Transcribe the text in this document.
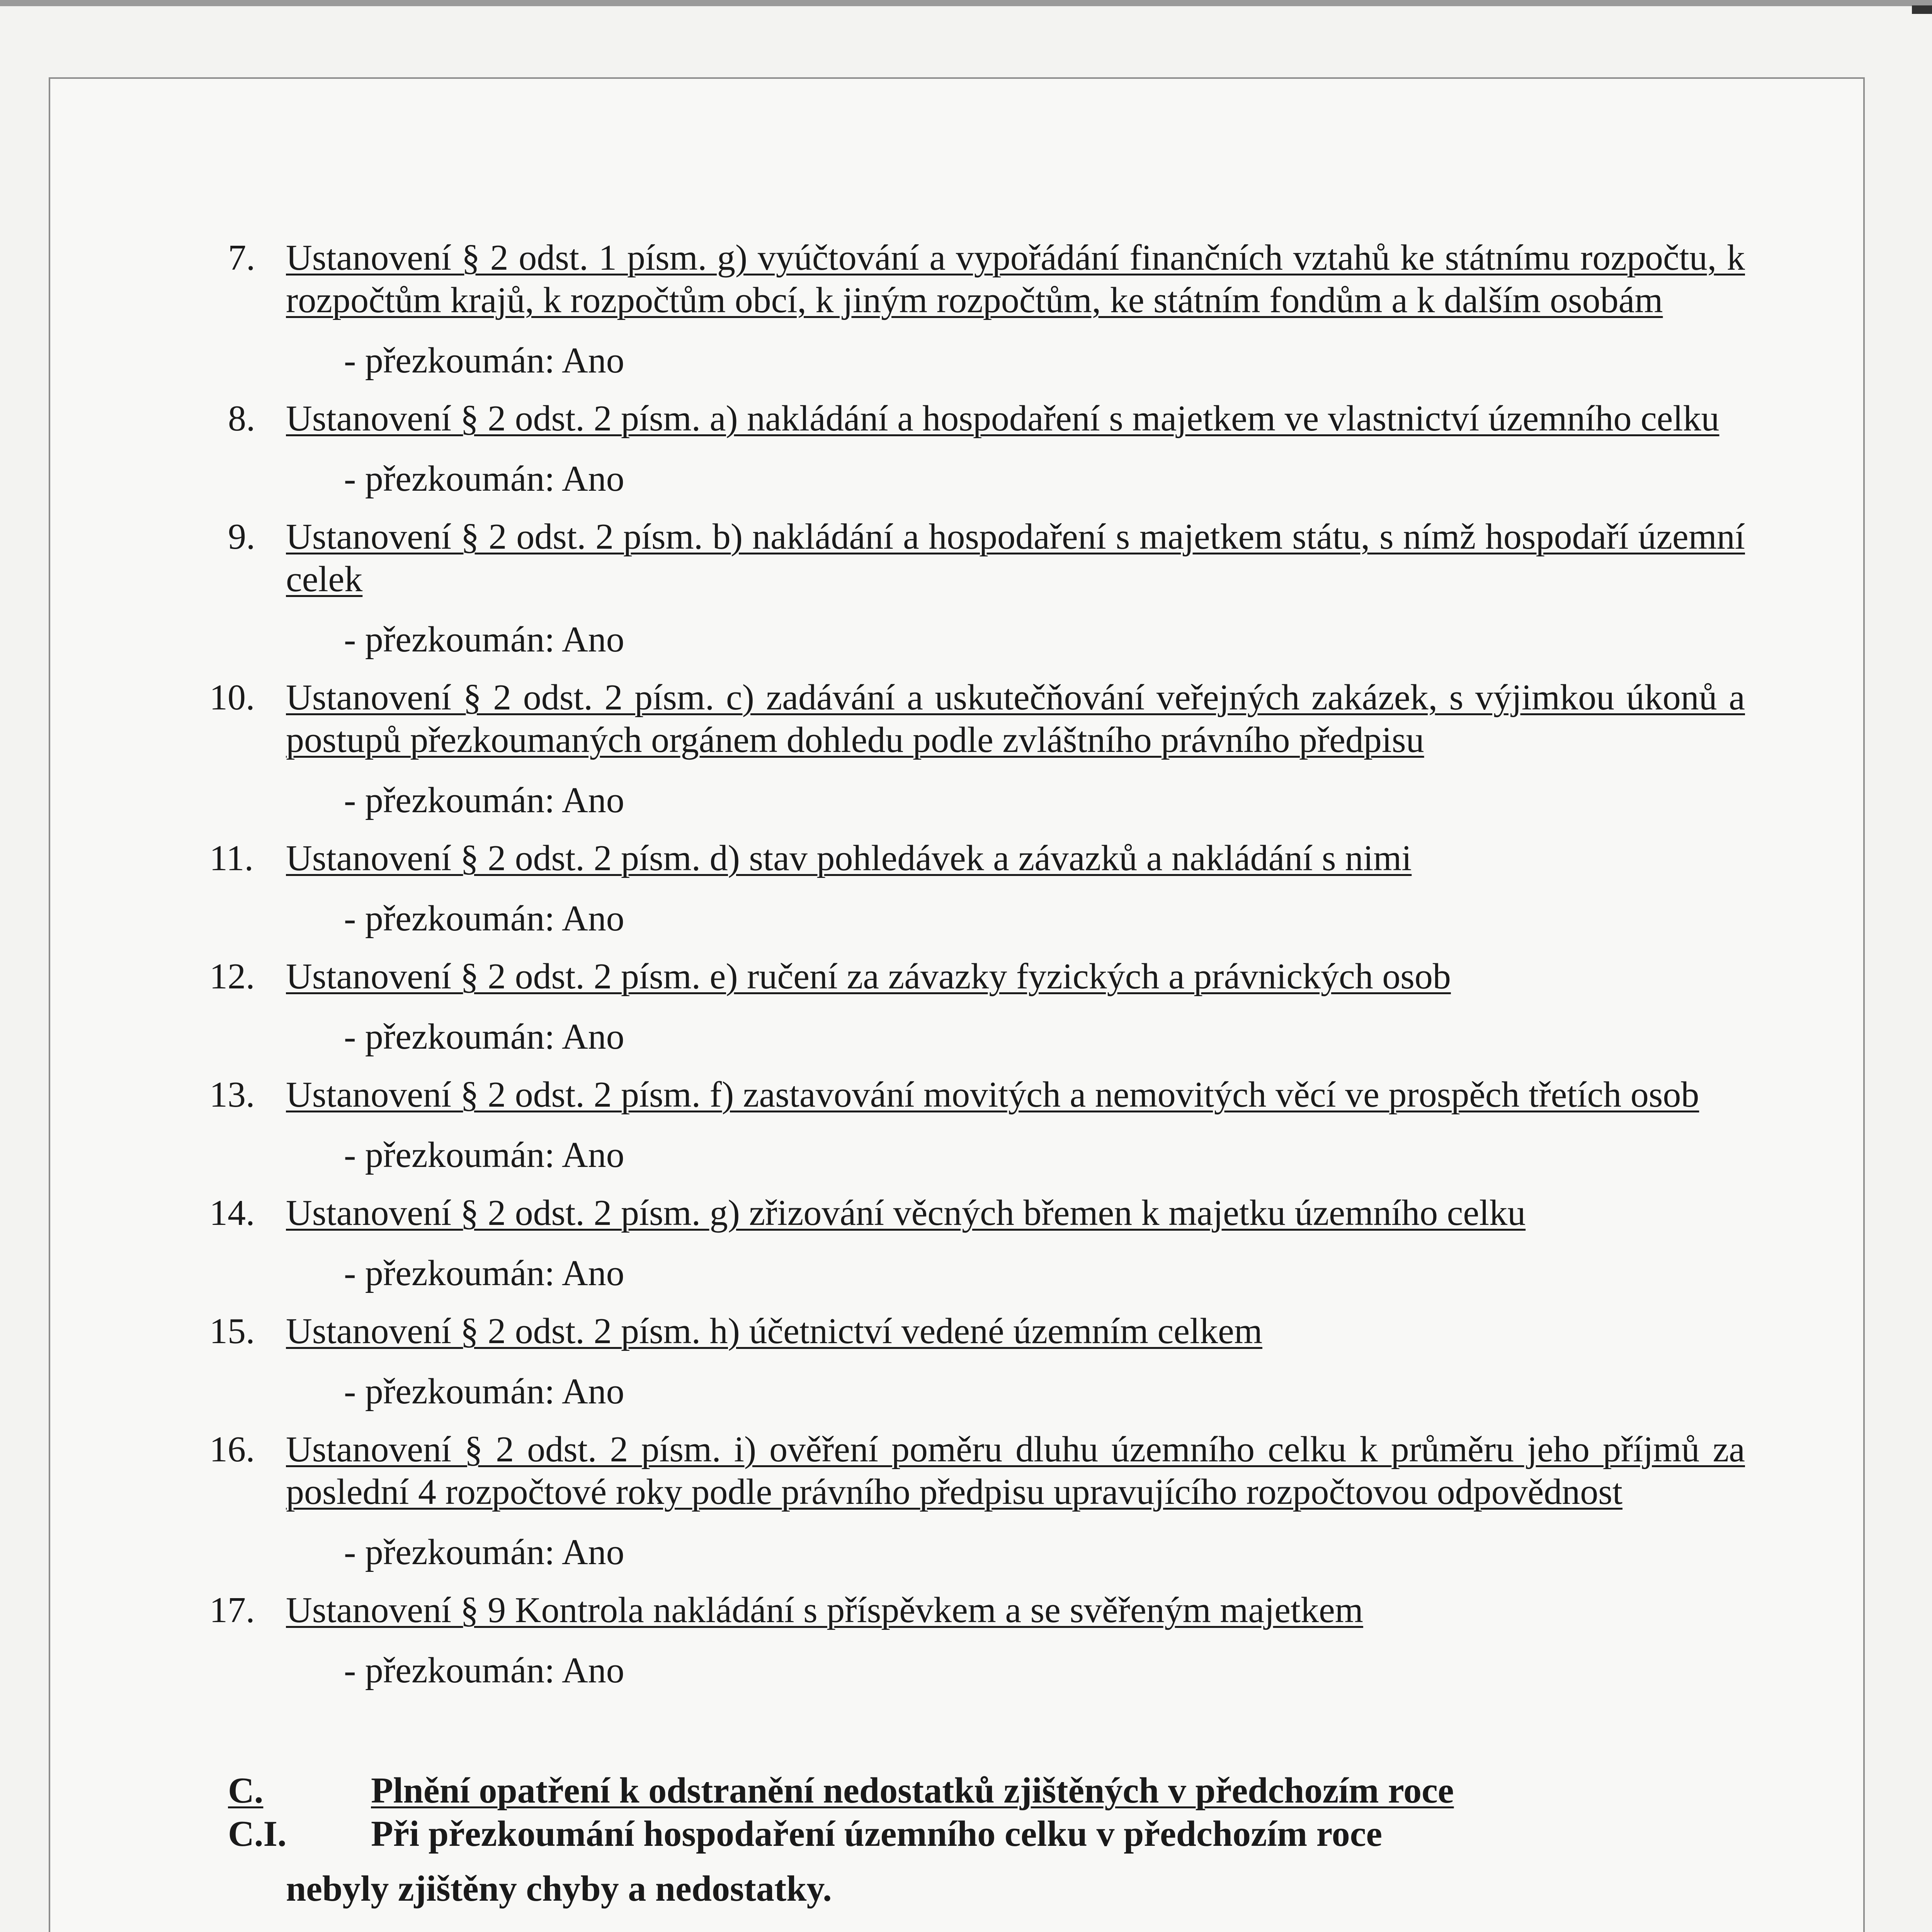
7. Ustanovení § 2 odst. 1 písm. g) vyúčtování a vypořádání finančních vztahů ke státnímu rozpočtu, k rozpočtům krajů, k rozpočtům obcí, k jiným rozpočtům, ke státním fondům a k dalším osobám

- přezkoumán: Ano
8. Ustanovení § 2 odst. 2 písm. a) nakládání a hospodaření s majetkem ve vlastnictví územního celku

- přezkoumán: Ano
9. Ustanovení § 2 odst. 2 písm. b) nakládání a hospodaření s majetkem státu, s nímž hospodaří územní celek

- přezkoumán: Ano
10. Ustanovení § 2 odst. 2 písm. c) zadávání a uskutečňování veřejných zakázek, s výjimkou úkonů a postupů přezkoumaných orgánem dohledu podle zvláštního právního předpisu

- přezkoumán: Ano
11. Ustanovení § 2 odst. 2 písm. d) stav pohledávek a závazků a nakládání s nimi

- přezkoumán: Ano
12. Ustanovení § 2 odst. 2 písm. e) ručení za závazky fyzických a právnických osob

- přezkoumán: Ano
13. Ustanovení § 2 odst. 2 písm. f) zastavování movitých a nemovitých věcí ve prospěch třetích osob

- přezkoumán: Ano
14. Ustanovení § 2 odst. 2 písm. g) zřizování věcných břemen k majetku územního celku

- přezkoumán: Ano
15. Ustanovení § 2 odst. 2 písm. h) účetnictví vedené územním celkem

- přezkoumán: Ano
16. Ustanovení § 2 odst. 2 písm. i) ověření poměru dluhu územního celku k průměru jeho příjmů za poslední 4 rozpočtové roky podle právního předpisu upravujícího rozpočtovou odpovědnost

- přezkoumán: Ano
17. Ustanovení § 9 Kontrola nakládání s příspěvkem a se svěřeným majetkem

- přezkoumán: Ano
C.	Plnění opatření k odstranění nedostatků zjištěných v předchozím roce
C.I.	Při přezkoumání hospodaření územního celku v předchozím roce
nebyly zjištěny chyby a nedostatky.
